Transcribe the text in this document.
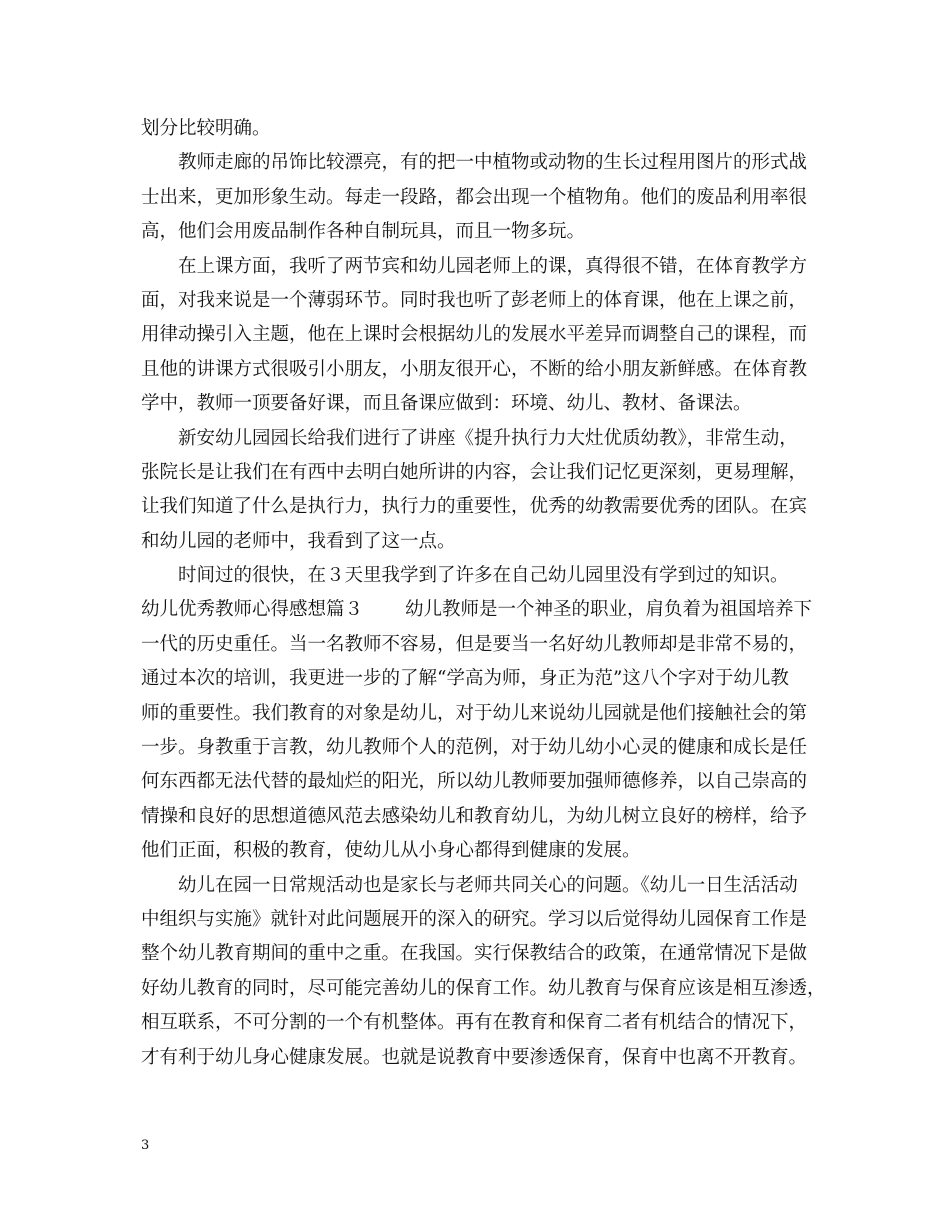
划分比较明确。
教师走廊的吊饰比较漂亮，有的把一中植物或动物的生长过程用图片的形式战
士出来，更加形象生动。每走一段路，都会出现一个植物角。他们的废品利用率很
高，他们会用废品制作各种自制玩具，而且一物多玩。
在上课方面，我听了两节宾和幼儿园老师上的课，真得很不错，在体育教学方
面，对我来说是一个薄弱环节。同时我也听了彭老师上的体育课，他在上课之前，
用律动操引入主题，他在上课时会根据幼儿的发展水平差异而调整自己的课程，而
且他的讲课方式很吸引小朋友，小朋友很开心，不断的给小朋友新鲜感。在体育教
学中，教师一顶要备好课，而且备课应做到：环境、幼儿、教材、备课法。
新安幼儿园园长给我们进行了讲座《提升执行力大灶优质幼教》，非常生动，
张院长是让我们在有西中去明白她所讲的内容，会让我们记忆更深刻，更易理解，
让我们知道了什么是执行力，执行力的重要性，优秀的幼教需要优秀的团队。在宾
和幼儿园的老师中，我看到了这一点。
时间过的很快，在３天里我学到了许多在自己幼儿园里没有学到过的知识。
幼儿优秀教师心得感想篇３ 幼儿教师是一个神圣的职业，肩负着为祖国培养下
一代的历史重任。当一名教师不容易，但是要当一名好幼儿教师却是非常不易的，
通过本次的培训，我更进一步的了解“学高为师，身正为范”这八个字对于幼儿教
师的重要性。我们教育的对象是幼儿，对于幼儿来说幼儿园就是他们接触社会的第
一步。身教重于言教，幼儿教师个人的范例，对于幼儿幼小心灵的健康和成长是任
何东西都无法代替的最灿烂的阳光，所以幼儿教师要加强师德修养，以自己崇高的
情操和良好的思想道德风范去感染幼儿和教育幼儿，为幼儿树立良好的榜样，给予
他们正面，积极的教育，使幼儿从小身心都得到健康的发展。
幼儿在园一日常规活动也是家长与老师共同关心的问题。《幼儿一日生活活动
中组织与实施》就针对此问题展开的深入的研究。学习以后觉得幼儿园保育工作是
整个幼儿教育期间的重中之重。在我国。实行保教结合的政策，在通常情况下是做
好幼儿教育的同时，尽可能完善幼儿的保育工作。幼儿教育与保育应该是相互渗透，
相互联系，不可分割的一个有机整体。再有在教育和保育二者有机结合的情况下，
才有利于幼儿身心健康发展。也就是说教育中要渗透保育，保育中也离不开教育。
3
